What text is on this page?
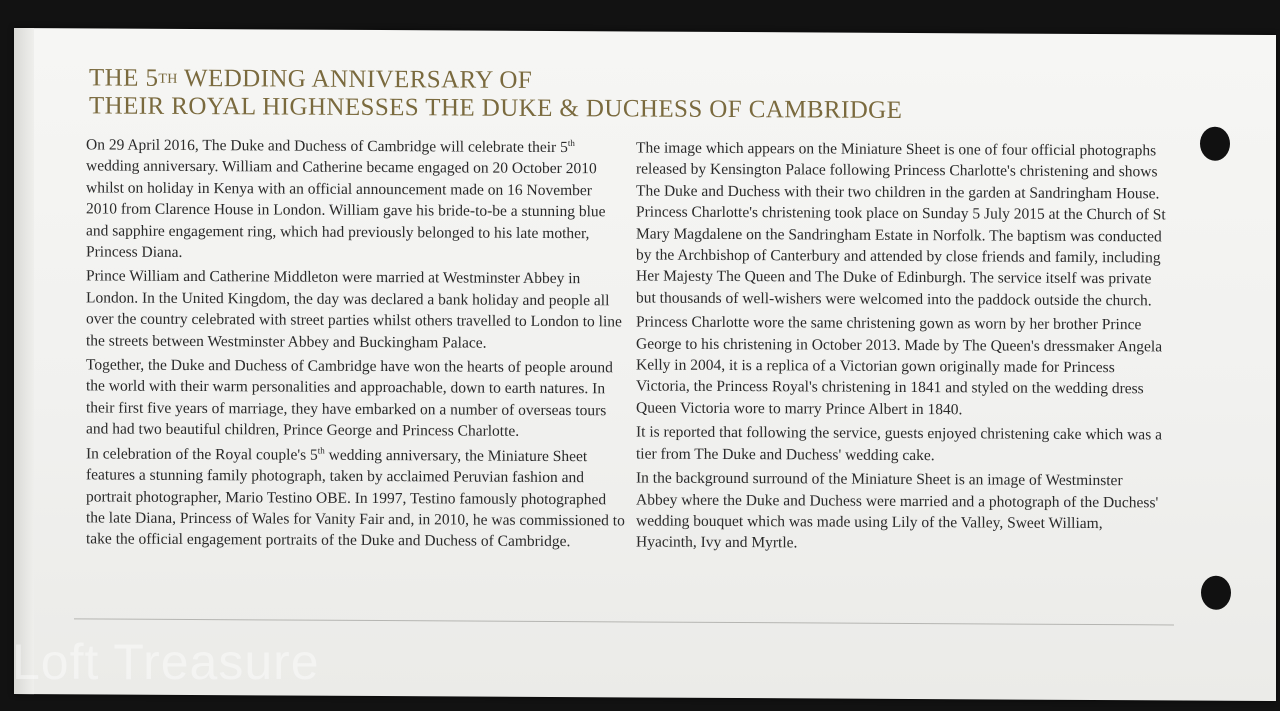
THE 5TH WEDDING ANNIVERSARY OF
THEIR ROYAL HIGHNESSES THE DUKE & DUCHESS OF CAMBRIDGE

On 29 April 2016, The Duke and Duchess of Cambridge will celebrate their 5th wedding anniversary. William and Catherine became engaged on 20 October 2010 whilst on holiday in Kenya with an official announcement made on 16 November 2010 from Clarence House in London. William gave his bride-to-be a stunning blue and sapphire engagement ring, which had previously belonged to his late mother, Princess Diana.

Prince William and Catherine Middleton were married at Westminster Abbey in London. In the United Kingdom, the day was declared a bank holiday and people all over the country celebrated with street parties whilst others travelled to London to line the streets between Westminster Abbey and Buckingham Palace.

Together, the Duke and Duchess of Cambridge have won the hearts of people around the world with their warm personalities and approachable, down to earth natures. In their first five years of marriage, they have embarked on a number of overseas tours and had two beautiful children, Prince George and Princess Charlotte.

In celebration of the Royal couple's 5th wedding anniversary, the Miniature Sheet features a stunning family photograph, taken by acclaimed Peruvian fashion and portrait photographer, Mario Testino OBE. In 1997, Testino famously photographed the late Diana, Princess of Wales for Vanity Fair and, in 2010, he was commissioned to take the official engagement portraits of the Duke and Duchess of Cambridge.

The image which appears on the Miniature Sheet is one of four official photographs released by Kensington Palace following Princess Charlotte's christening and shows The Duke and Duchess with their two children in the garden at Sandringham House. Princess Charlotte's christening took place on Sunday 5 July 2015 at the Church of St Mary Magdalene on the Sandringham Estate in Norfolk. The baptism was conducted by the Archbishop of Canterbury and attended by close friends and family, including Her Majesty The Queen and The Duke of Edinburgh. The service itself was private but thousands of well-wishers were welcomed into the paddock outside the church.

Princess Charlotte wore the same christening gown as worn by her brother Prince George to his christening in October 2013. Made by The Queen's dressmaker Angela Kelly in 2004, it is a replica of a Victorian gown originally made for Princess Victoria, the Princess Royal's christening in 1841 and styled on the wedding dress Queen Victoria wore to marry Prince Albert in 1840.

It is reported that following the service, guests enjoyed christening cake which was a tier from The Duke and Duchess' wedding cake.

In the background surround of the Miniature Sheet is an image of Westminster Abbey where the Duke and Duchess were married and a photograph of the Duchess' wedding bouquet which was made using Lily of the Valley, Sweet William, Hyacinth, Ivy and Myrtle.

Loft Treasure
